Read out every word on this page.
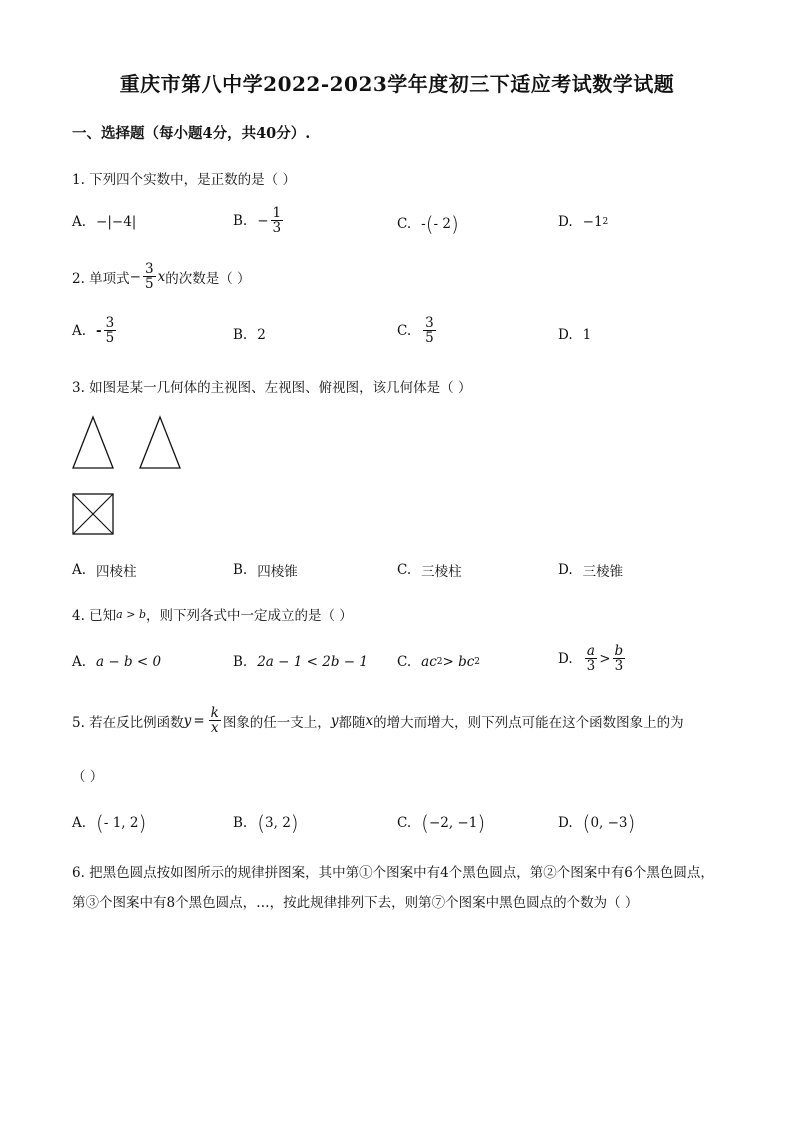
重庆市第八中学2022-2023学年度初三下适应考试数学试题
一、选择题（每小题4分，共40分）.
1. 下列四个实数中，是正数的是（ ）
A. −|−4|	B. − $\frac{1}{3}$	C. - ( - 2 )	D. −1 2
2. 单项式 − $\frac{3}{5}$ x 的次数是（ ）
A. - $\frac{3}{5}$	B. 2	C. $\frac{3}{5}$	D. 1
3. 如图是某一几何体的主视图、左视图、俯视图，该几何体是（ ）
A. 四棱柱	B. 四棱锥	C. 三棱柱	D. 三棱锥
4. 已知 a > b ，则下列各式中一定成立的是（ ）
A. a − b < 0	B. 2a − 1 < 2b − 1 C. ac 2 > bc 2	D. $\frac{a}{3} > \frac{b}{3}$
5. 若在反比例函数 $y = \frac{k}{x}$ 图象的任一支上， y 都随 x 的增大而增大，则下列点可能在这个函数图象上的为
（ ）
A. ( - 1, 2 )	B. ( 3, 2 )	C. ( −2, −1 )	D. ( 0, −3 )
6. 把黑色圆点按如图所示的规律拼图案，其中第①个图案中有4个黑色圆点，第②个图案中有6个黑色圆点，第③个图案中有8个黑色圆点，…，按此规律排列下去，则第⑦个图案中黑色圆点的个数为（ ）
